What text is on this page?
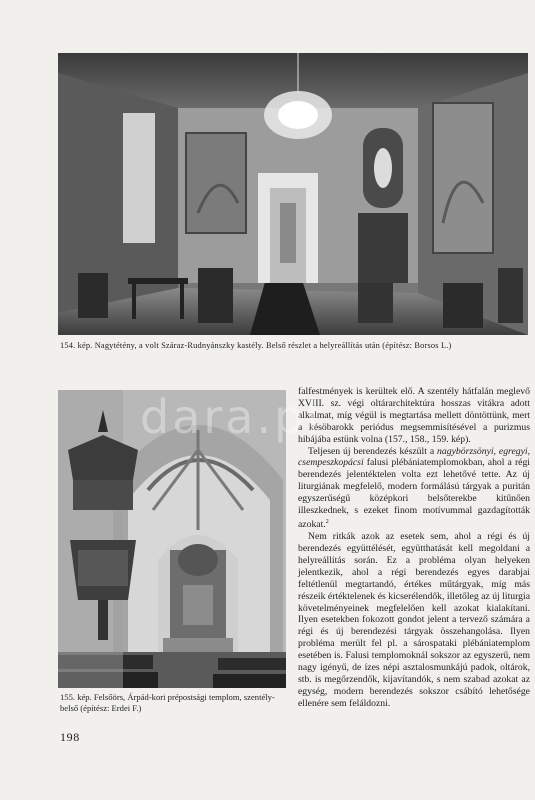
154. kép. Nagytétény, a volt Száraz-Rudnyánszky kastély. Belső részlet a helyreállítás után (építész: Borsos L.)
155. kép. Felsőörs, Árpád-kori prépostsági templom, szentély-belső (építész: Erdei F.)

falfestmények is kerültek elő. A szentély hátfalán meglevő XVIII. sz. végi oltárarchitektúra hosszas vitákra adott alkalmat, míg végül is megtartása mellett döntöttünk, mert a késöbarokk periódus megsemmisítésével a purizmus hibájába estünk volna (157., 158., 159. kép).

Teljesen új berendezés készült a nagybörzsönyi, egregyi, csempeszkopácsi falusi plébániatemplomokban, ahol a régi berendezés jelentéktelen volta ezt lehetővé tette. Az új liturgiának megfelelő, modern formálású tárgyak a puritán egyszerűségű középkori belsőterekbe kitűnően illeszkednek, s ezeket finom motívummal gazdagították azokat.$^2$

Nem ritkák azok az esetek sem, ahol a régi és új berendezés együttélését, együtthatását kell megoldani a helyreállítás során. Ez a probléma olyan helyeken jelentkezik, ahol a régi berendezés egyes darabjai feltétlenül megtartandó, értékes műtárgyak, míg más részeik értéktelenek és kicserélendők, illetőleg az új liturgia követelményeinek megfelelően kell azokat kialakítani. Ilyen esetekben fokozott gondot jelent a tervező számára a régi és új berendezési tárgyak összehangolása. Ilyen probléma merült fel pl. a sárospataki plébániatemplom esetében is. Falusi templomoknál sokszor az egyszerű, nem nagy igényű, de ízes népi asztalosmunkájú padok, oltárok, stb. is megőrzendők, kijavítandók, s nem szabad azokat az egység, modern berendezés sokszor csábító lehetősége ellenére sem feláldozni.

198
dara.pl
